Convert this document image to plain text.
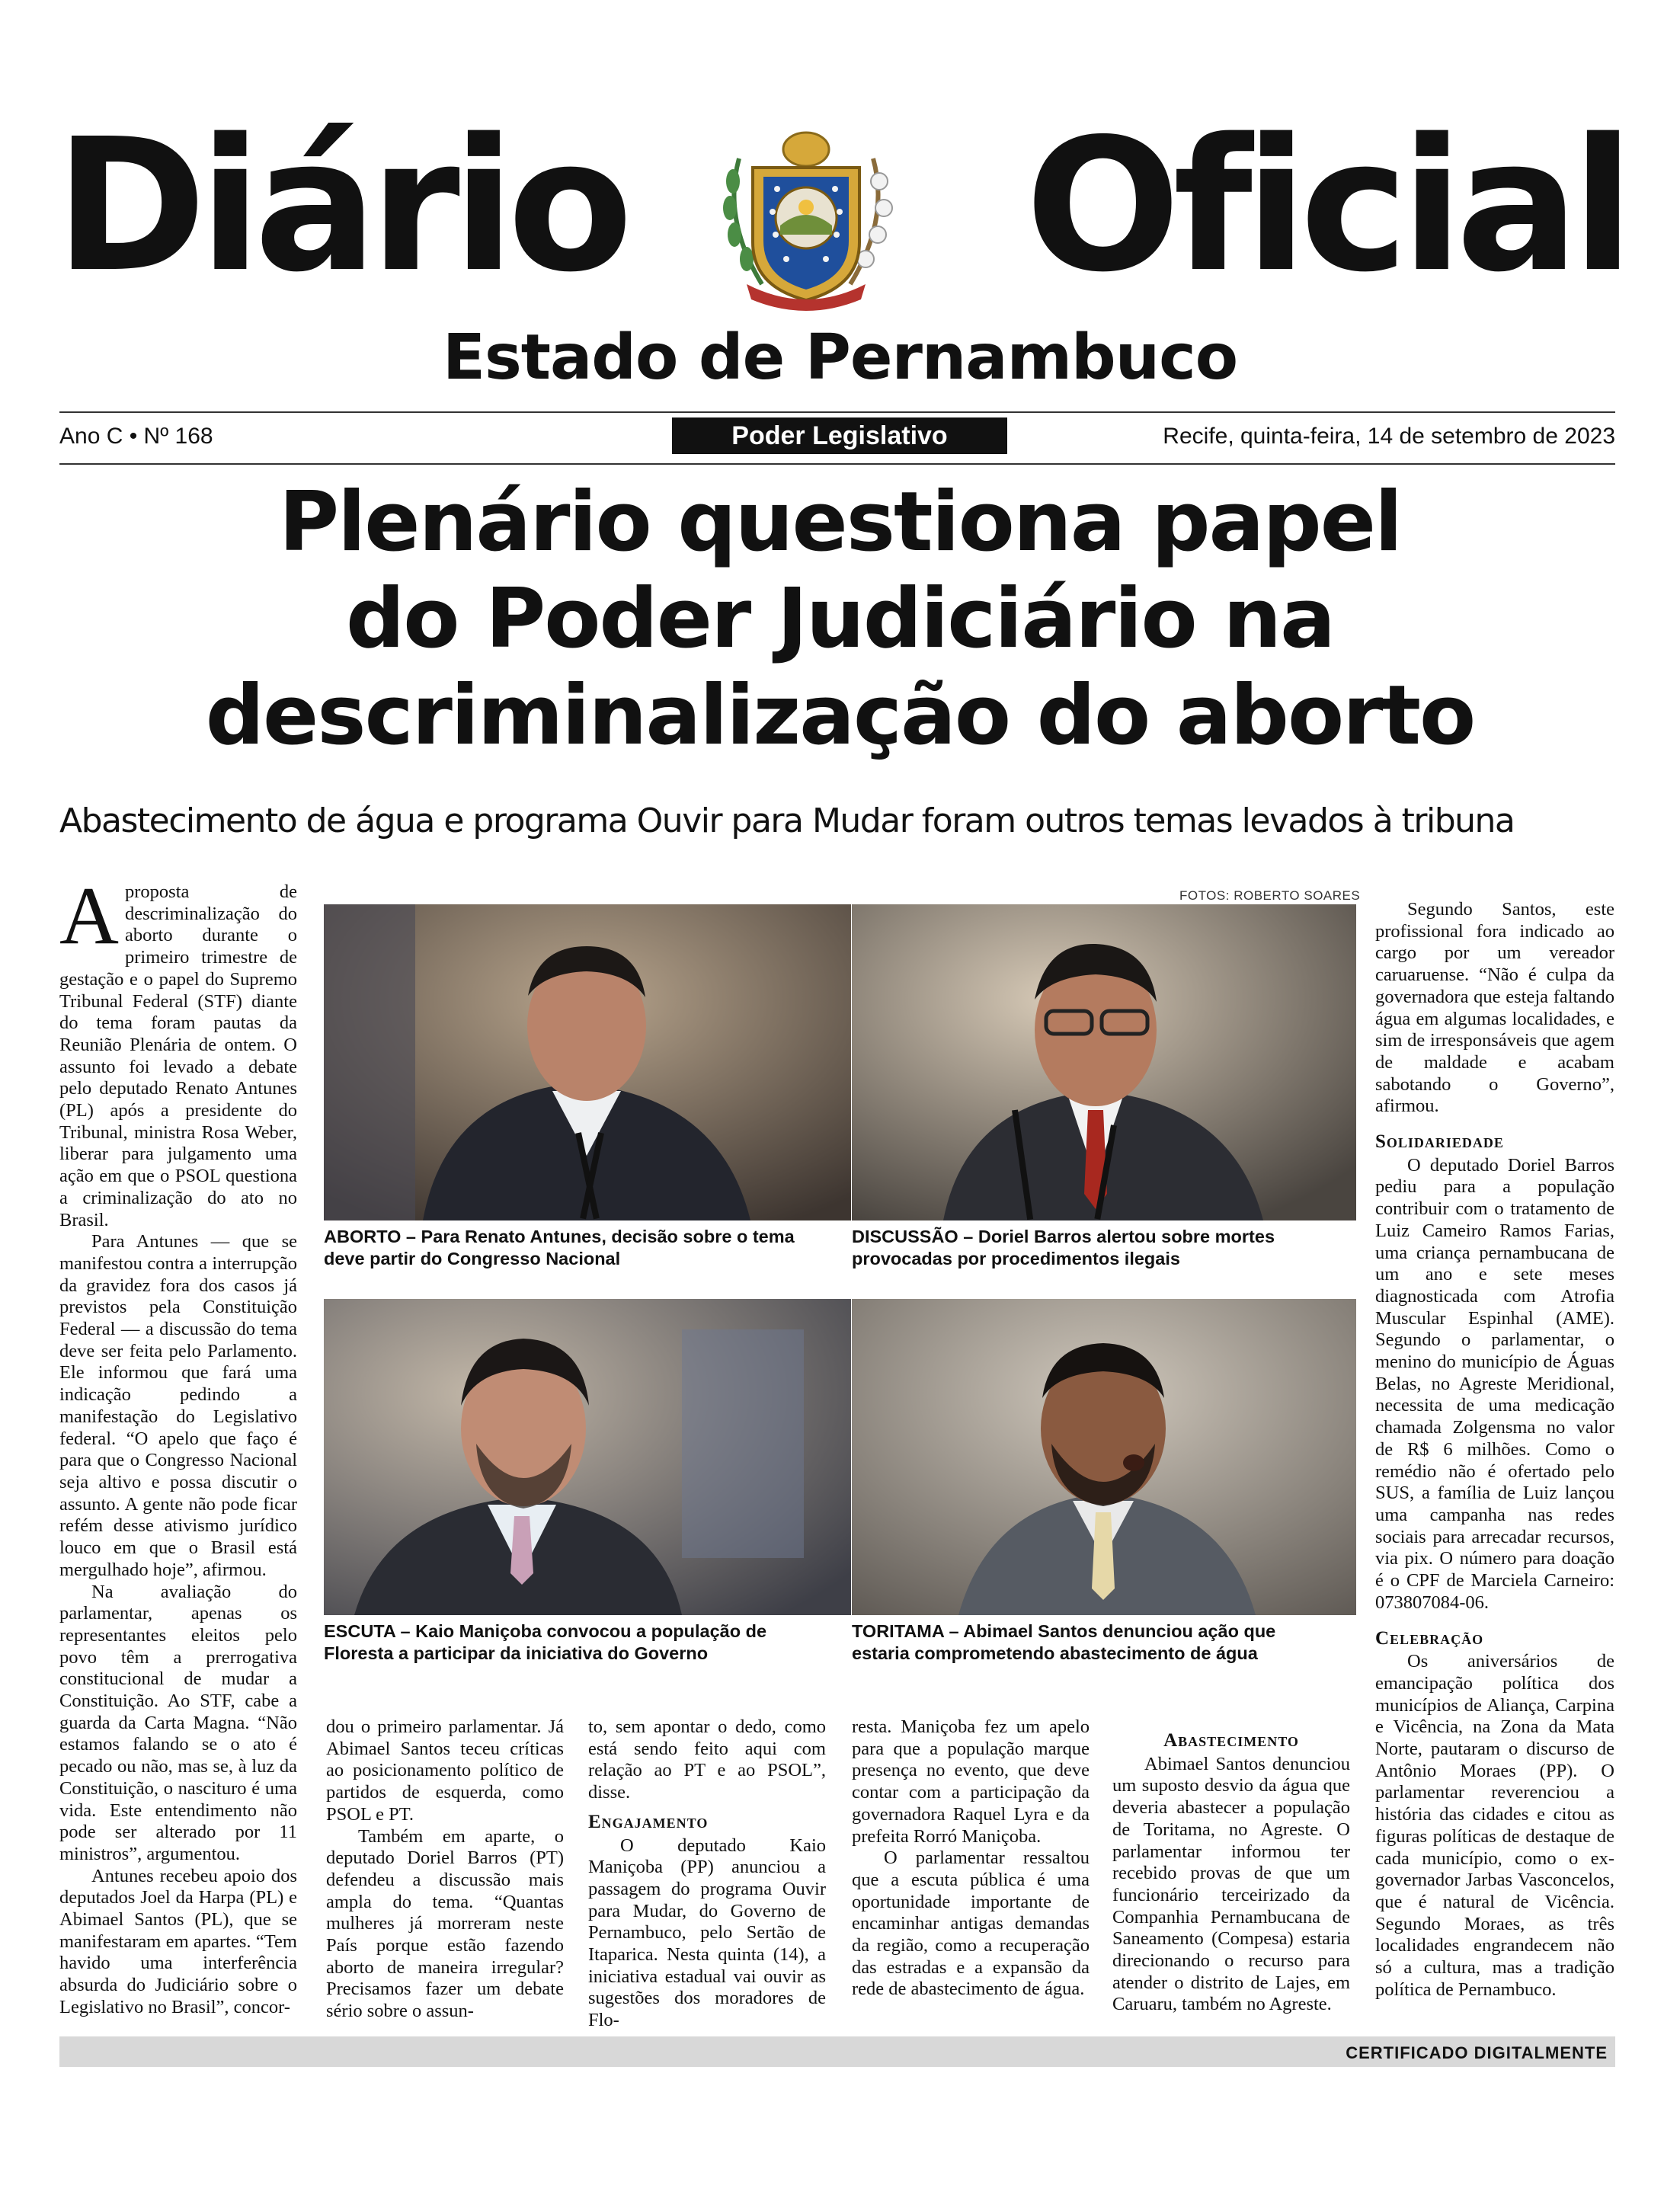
Diário Oficial
Estado de Pernambuco
Ano C • Nº 168	Poder Legislativo	Recife, quinta-feira, 14 de setembro de 2023
Plenário questiona papel
do Poder Judiciário na
descriminalização do aborto
Abastecimento de água e programa Ouvir para Mudar foram outros temas levados à tribuna

Aproposta de descriminalização do aborto durante o primeiro trimestre de gestação e o papel do Supremo Tribunal Federal (STF) diante do tema foram pautas da Reunião Plenária de ontem. O assunto foi levado a debate pelo deputado Renato Antunes (PL) após a presidente do Tribunal, ministra Rosa Weber, liberar para julgamento uma ação em que o PSOL questiona a criminalização do ato no Brasil.

Para Antunes — que se manifestou contra a interrupção da gravidez fora dos casos já previstos pela Constituição Federal — a discussão do tema deve ser feita pelo Parlamento. Ele informou que fará uma indicação pedindo a manifestação do Legislativo federal. “O apelo que faço é para que o Congresso Nacional seja altivo e possa discutir o assunto. A gente não pode ficar refém desse ativismo jurídico louco em que o Brasil está mergulhado hoje”, afirmou.

Na avaliação do parlamentar, apenas os representantes eleitos pelo povo têm a prerrogativa constitucional de mudar a Constituição. Ao STF, cabe a guarda da Carta Magna. “Não estamos falando se o ato é pecado ou não, mas se, à luz da Constituição, o nascituro é uma vida. Este entendimento não pode ser alterado por 11 ministros”, argumentou.

Antunes recebeu apoio dos deputados Joel da Harpa (PL) e Abimael Santos (PL), que se manifestaram em apartes. “Tem havido uma interferência absurda do Judiciário sobre o Legislativo no Brasil”, concor-

FOTOS: ROBERTO SOARES
ABORTO – Para Renato Antunes, decisão sobre o tema
deve partir do Congresso Nacional
DISCUSSÃO – Doriel Barros alertou sobre mortes
provocadas por procedimentos ilegais
ESCUTA – Kaio Maniçoba convocou a população de
Floresta a participar da iniciativa do Governo
TORITAMA – Abimael Santos denunciou ação que
estaria comprometendo abastecimento de água

dou o primeiro parlamentar. Já Abimael Santos teceu críticas ao posicionamento político de partidos de esquerda, como PSOL e PT.

Também em aparte, o deputado Doriel Barros (PT) defendeu a discussão mais ampla do tema. “Quantas mulheres já morreram neste País porque estão fazendo aborto de maneira irregular? Precisamos fazer um debate sério sobre o assun-

to, sem apontar o dedo, como está sendo feito aqui com relação ao PT e ao PSOL”, disse.

Engajamento

O deputado Kaio Maniçoba (PP) anunciou a passagem do programa Ouvir para Mudar, do Governo de Pernambuco, pelo Sertão de Itaparica. Nesta quinta (14), a iniciativa estadual vai ouvir as sugestões dos moradores de Flo-

resta. Maniçoba fez um apelo para que a população marque presença no evento, que deve contar com a participação da governadora Raquel Lyra e da prefeita Rorró Maniçoba.

O parlamentar ressaltou que a escuta pública é uma oportunidade importante de encaminhar antigas demandas da região, como a recuperação das estradas e a expansão da rede de abastecimento de água.

Abastecimento

Abimael Santos denunciou um suposto desvio da água que deveria abastecer a população de Toritama, no Agreste. O parlamentar informou ter recebido provas de que um funcionário terceirizado da Companhia Pernambucana de Saneamento (Compesa) estaria direcionando o recurso para atender o distrito de Lajes, em Caruaru, também no Agreste.

Segundo Santos, este profissional fora indicado ao cargo por um vereador caruaruense. “Não é culpa da governadora que esteja faltando água em algumas localidades, e sim de irresponsáveis que agem de maldade e acabam sabotando o Governo”, afirmou.

Solidariedade

O deputado Doriel Barros pediu para a população contribuir com o tratamento de Luiz Cameiro Ramos Farias, uma criança pernambucana de um ano e sete meses diagnosticada com Atrofia Muscular Espinhal (AME). Segundo o parlamentar, o menino do município de Águas Belas, no Agreste Meridional, necessita de uma medicação chamada Zolgensma no valor de R$ 6 milhões. Como o remédio não é ofertado pelo SUS, a família de Luiz lançou uma campanha nas redes sociais para arrecadar recursos, via pix. O número para doação é o CPF de Marciela Carneiro: 073807084-06.

Celebração

Os aniversários de emancipação política dos municípios de Aliança, Carpina e Vicência, na Zona da Mata Norte, pautaram o discurso de Antônio Moraes (PP). O parlamentar reverenciou a história das cidades e citou as figuras políticas de destaque de cada município, como o ex-governador Jarbas Vasconcelos, que é natural de Vicência. Segundo Moraes, as três localidades engrandecem não só a cultura, mas a tradição política de Pernambuco.

CERTIFICADO DIGITALMENTE
